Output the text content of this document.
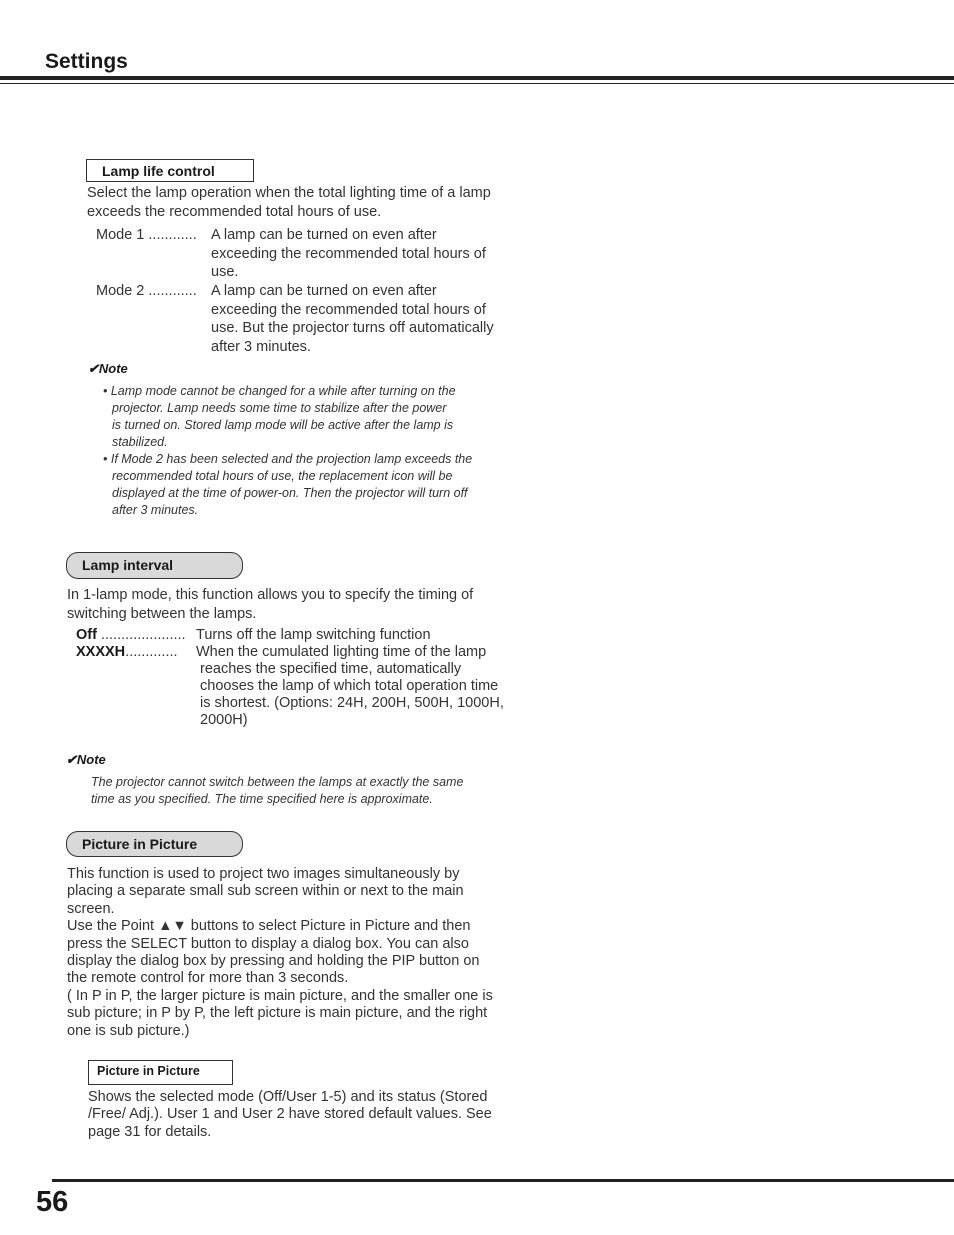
Settings
Lamp life control
Select the lamp operation when the total lighting time of a lamp
exceeds the recommended total hours of use.
Mode 1 ............ A lamp can be turned on even after
exceeding the recommended total hours of
use.
Mode 2 ............ A lamp can be turned on even after
exceeding the recommended total hours of
use. But the projector turns off automatically
after 3 minutes.
✔Note
• Lamp mode cannot be changed for a while after turning on the
projector. Lamp needs some time to stabilize after the power
is turned on. Stored lamp mode will be active after the lamp is
stabilized.
• If Mode 2 has been selected and the projection lamp exceeds the
recommended total hours of use, the replacement icon will be
displayed at the time of power-on. Then the projector will turn off
after 3 minutes.
Lamp interval
In 1-lamp mode, this function allows you to specify the timing of
switching between the lamps.
Off ..................... Turns off the lamp switching function
XXXXH............. When the cumulated lighting time of the lamp
reaches the specified time, automatically
chooses the lamp of which total operation time
is shortest. (Options: 24H, 200H, 500H, 1000H,
2000H)
✔Note
The projector cannot switch between the lamps at exactly the same
time as you specified. The time specified here is approximate.
Picture in Picture
This function is used to project two images simultaneously by
placing a separate small sub screen within or next to the main
screen.
Use the Point ▲▼ buttons to select Picture in Picture and then
press the SELECT button to display a dialog box. You can also
display the dialog box by pressing and holding the PIP button on
the remote control for more than 3 seconds.
( In P in P, the larger picture is main picture, and the smaller one is
sub picture; in P by P, the left picture is main picture, and the right
one is sub picture.)
Picture in Picture
Shows the selected mode (Off/User 1-5) and its status (Stored
/Free/ Adj.). User 1 and User 2 have stored default values. See
page 31 for details.
56
